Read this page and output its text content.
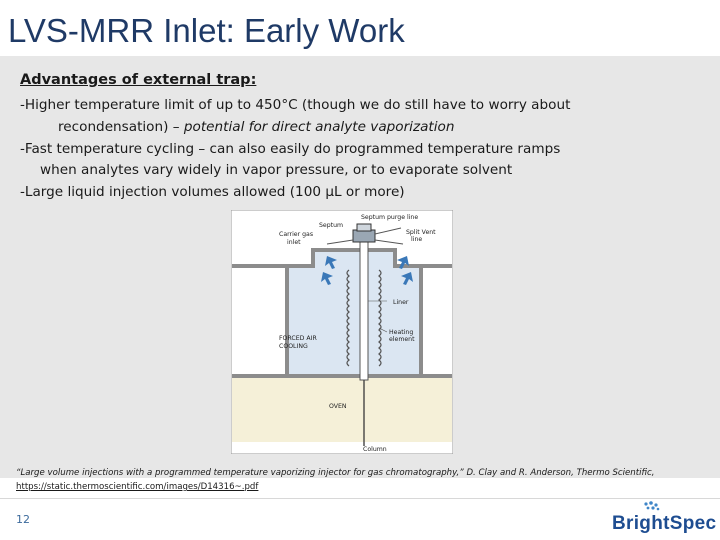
LVS-MRR Inlet: Early Work
Advantages of external trap:
-Higher temperature limit of up to 450°C (though we do still have to worry about
recondensation) – potential for direct analyte vaporization
-Fast temperature cycling – can also easily do programmed temperature ramps
when analytes vary widely in vapor pressure, or to evaporate solvent
-Large liquid injection volumes allowed (100 µL or more)
Septum purge line
Septum
Carrier gas
inlet
Split Vent
line
Liner
Heating
element
FORCED AIR
COOLING
OVEN
Column
“Large volume injections with a programmed temperature vaporizing injector for gas chromatography,” D. Clay and R. Anderson, Thermo Scientific,
https://static.thermoscientific.com/images/D14316~.pdf
12	BrightSpec
